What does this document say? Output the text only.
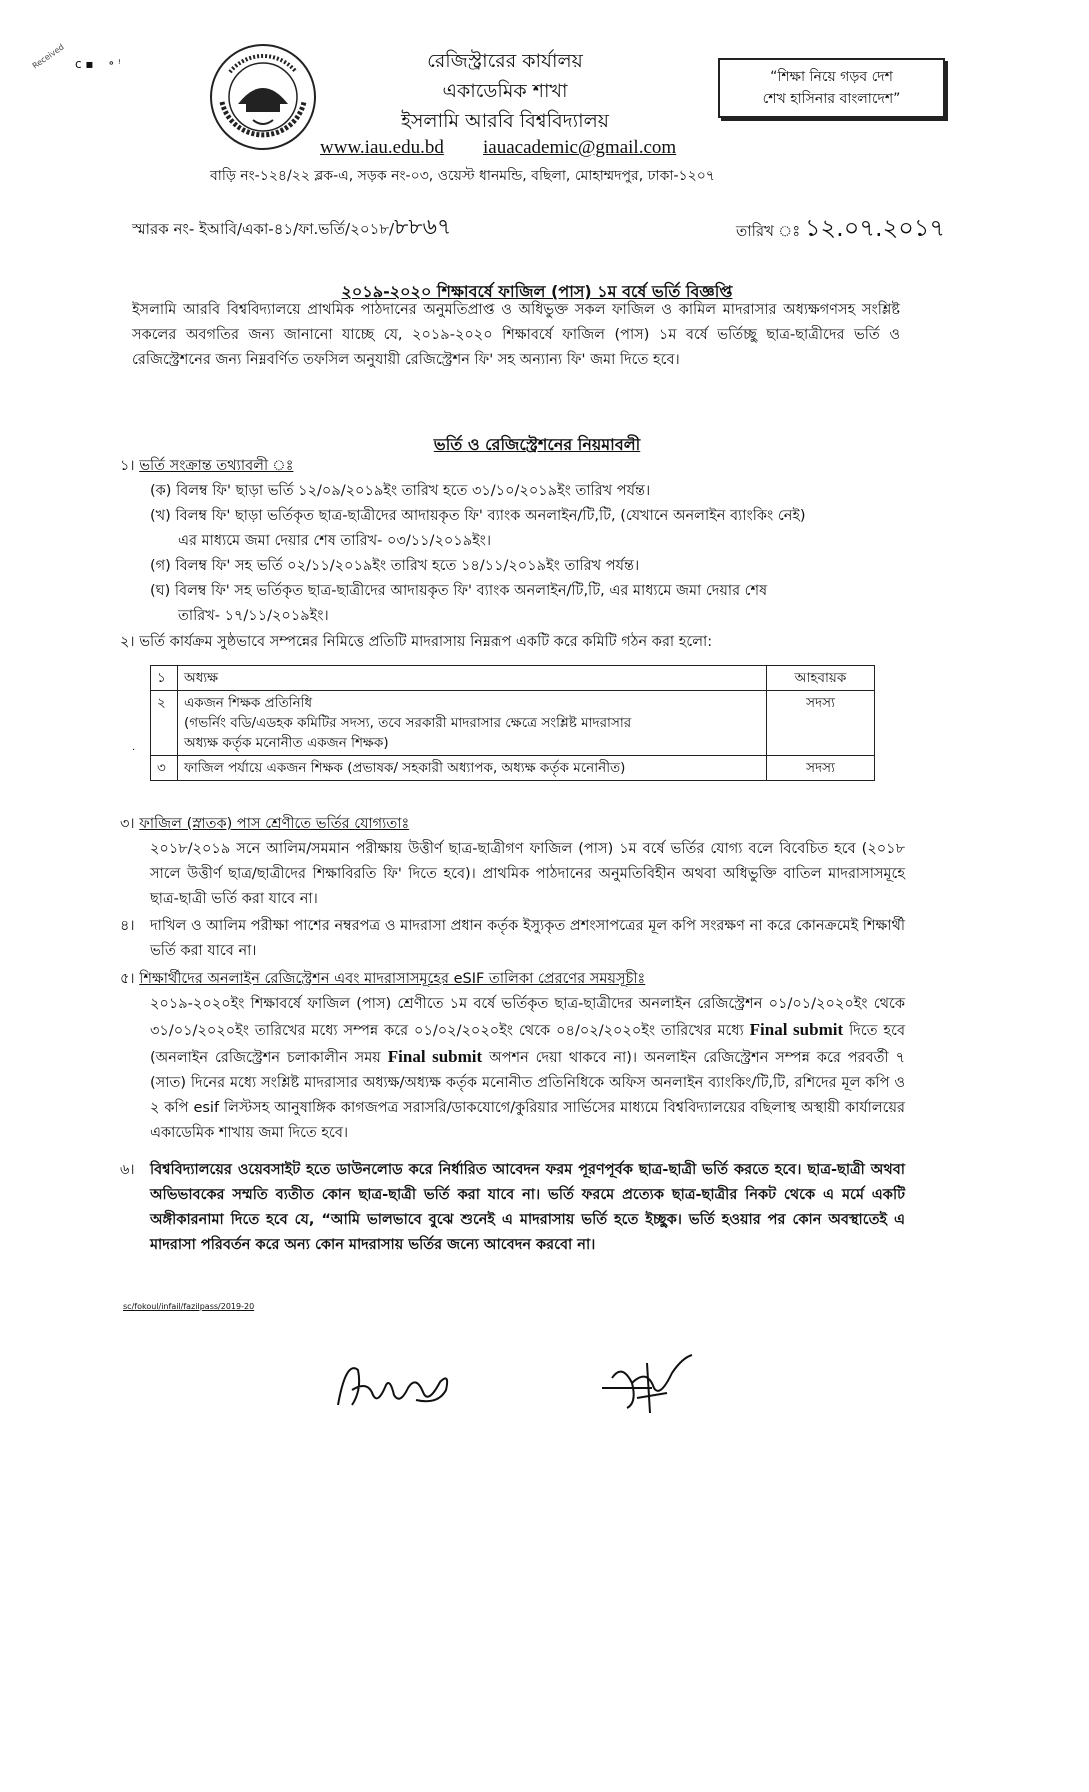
Received c ▪    ॰ ꜝ	রেজিস্ট্রারের কার্যালয়
একাডেমিক শাখা
ইসলামি আরবি বিশ্ববিদ্যালয়
www.iau.edu.bd iauacademic@gmail.com
বাড়ি নং-১২৪/২২ ব্লক-এ, সড়ক নং-০৩, ওয়েস্ট ধানমন্ডি, বছিলা, মোহাম্মদপুর, ঢাকা-১২০৭
“শিক্ষা নিয়ে গড়ব দেশ
শেখ হাসিনার বাংলাদেশ”
স্মারক নং- ইআবি/একা-৪১/ফা.ভর্তি/২০১৮/৮৮৬৭	তারিখ ঃ ১২.০৭.২০১৭
২০১৯-২০২০ শিক্ষাবর্ষে ফাজিল (পাস) ১ম বর্ষে ভর্তি বিজ্ঞপ্তি
ইসলামি আরবি বিশ্ববিদ্যালয়ে প্রাথমিক পাঠদানের অনুমতিপ্রাপ্ত ও অধিভুক্ত সকল ফাজিল ও কামিল মাদরাসার অধ্যক্ষগণসহ সংশ্লিষ্ট সকলের অবগতির জন্য জানানো যাচ্ছে যে, ২০১৯-২০২০ শিক্ষাবর্ষে ফাজিল (পাস) ১ম বর্ষে ভর্তিচ্ছু ছাত্র-ছাত্রীদের ভর্তি ও রেজিস্ট্রেশনের জন্য নিম্নবর্ণিত তফসিল অনুযায়ী রেজিস্ট্রেশন ফি' সহ অন্যান্য ফি' জমা দিতে হবে।
ভর্তি ও রেজিস্ট্রেশনের নিয়মাবলী
১। ভর্তি সংক্রান্ত তথ্যাবলী ঃ
(ক) বিলম্ব ফি' ছাড়া ভর্তি ১২/০৯/২০১৯ইং তারিখ হতে ৩১/১০/২০১৯ইং তারিখ পর্যন্ত।
(খ) বিলম্ব ফি' ছাড়া ভর্তিকৃত ছাত্র-ছাত্রীদের আদায়কৃত ফি' ব্যাংক অনলাইন/টি,টি, (যেখানে অনলাইন ব্যাংকিং নেই)
এর মাধ্যমে জমা দেয়ার শেষ তারিখ- ০৩/১১/২০১৯ইং।
(গ) বিলম্ব ফি' সহ ভর্তি ০২/১১/২০১৯ইং তারিখ হতে ১৪/১১/২০১৯ইং তারিখ পর্যন্ত।
(ঘ) বিলম্ব ফি' সহ ভর্তিকৃত ছাত্র-ছাত্রীদের আদায়কৃত ফি' ব্যাংক অনলাইন/টি,টি, এর মাধ্যমে জমা দেয়ার শেষ
তারিখ- ১৭/১১/২০১৯ইং।
২। ভর্তি কার্যক্রম সুষ্ঠভাবে সম্পন্নের নিমিত্তে প্রতিটি মাদরাসায় নিম্নরূপ একটি করে কমিটি গঠন করা হলো:
১	অধ্যক্ষ	আহবায়ক
২	একজন শিক্ষক প্রতিনিধি
(গভর্নিং বডি/এডহক কমিটির সদস্য, তবে সরকারী মাদরাসার ক্ষেত্রে সংশ্লিষ্ট মাদরাসার
অধ্যক্ষ কর্তৃক মনোনীত একজন শিক্ষক)	সদস্য
৩	ফাজিল পর্যায়ে একজন শিক্ষক (প্রভাষক/ সহকারী অধ্যাপক, অধ্যক্ষ কর্তৃক মনোনীত)	সদস্য
৩। ফাজিল (স্নাতক) পাস শ্রেণীতে ভর্তির যোগ্যতাঃ
২০১৮/২০১৯ সনে আলিম/সমমান পরীক্ষায় উত্তীর্ণ ছাত্র-ছাত্রীগণ ফাজিল (পাস) ১ম বর্ষে ভর্তির যোগ্য বলে বিবেচিত হবে (২০১৮ সালে উত্তীর্ণ ছাত্র/ছাত্রীদের শিক্ষাবিরতি ফি' দিতে হবে)। প্রাথমিক পাঠদানের অনুমতিবিহীন অথবা অধিভুক্তি বাতিল মাদরাসাসমূহে ছাত্র-ছাত্রী ভর্তি করা যাবে না।
৪।	দাখিল ও আলিম পরীক্ষা পাশের নম্বরপত্র ও মাদরাসা প্রধান কর্তৃক ইস্যুকৃত প্রশংসাপত্রের মূল কপি সংরক্ষণ না করে কোনক্রমেই শিক্ষার্থী ভর্তি করা যাবে না।
৫। শিক্ষার্থীদের অনলাইন রেজিস্ট্রেশন এবং মাদরাসাসমূহের eSIF তালিকা প্রেরণের সময়সূচীঃ
২০১৯-২০২০ইং শিক্ষাবর্ষে ফাজিল (পাস) শ্রেণীতে ১ম বর্ষে ভর্তিকৃত ছাত্র-ছাত্রীদের অনলাইন রেজিস্ট্রেশন ০১/০১/২০২০ইং থেকে ৩১/০১/২০২০ইং তারিখের মধ্যে সম্পন্ন করে ০১/০২/২০২০ইং থেকে ০৪/০২/২০২০ইং তারিখের মধ্যে Final submit দিতে হবে (অনলাইন রেজিস্ট্রেশন চলাকালীন সময় Final submit অপশন দেয়া থাকবে না)। অনলাইন রেজিস্ট্রেশন সম্পন্ন করে পরবর্তী ৭ (সাত) দিনের মধ্যে সংশ্লিষ্ট মাদরাসার অধ্যক্ষ/অধ্যক্ষ কর্তৃক মনোনীত প্রতিনিধিকে অফিস অনলাইন ব্যাংকিং/টি,টি, রশিদের মূল কপি ও ২ কপি esif লিস্টসহ আনুষাঙ্গিক কাগজপত্র সরাসরি/ডাকযোগে/কুরিয়ার সার্ভিসের মাধ্যমে বিশ্ববিদ্যালয়ের বছিলাস্থ অস্থায়ী কার্যালয়ের একাডেমিক শাখায় জমা দিতে হবে।
৬।	বিশ্ববিদ্যালয়ের ওয়েবসাইট হতে ডাউনলোড করে নির্ধারিত আবেদন ফরম পূরণপূর্বক ছাত্র-ছাত্রী ভর্তি করতে হবে। ছাত্র-ছাত্রী অথবা অভিভাবকের সম্মতি ব্যতীত কোন ছাত্র-ছাত্রী ভর্তি করা যাবে না। ভর্তি ফরমে প্রত্যেক ছাত্র-ছাত্রীর নিকট থেকে এ মর্মে একটি অঙ্গীকারনামা দিতে হবে যে, “আমি ভালভাবে বুঝে শুনেই এ মাদরাসায় ভর্তি হতে ইচ্ছুক। ভর্তি হওয়ার পর কোন অবস্থাতেই এ মাদরাসা পরিবর্তন করে অন্য কোন মাদরাসায় ভর্তির জন্যে আবেদন করবো না।
sc/fokoul/infail/fazilpass/2019-20
·
